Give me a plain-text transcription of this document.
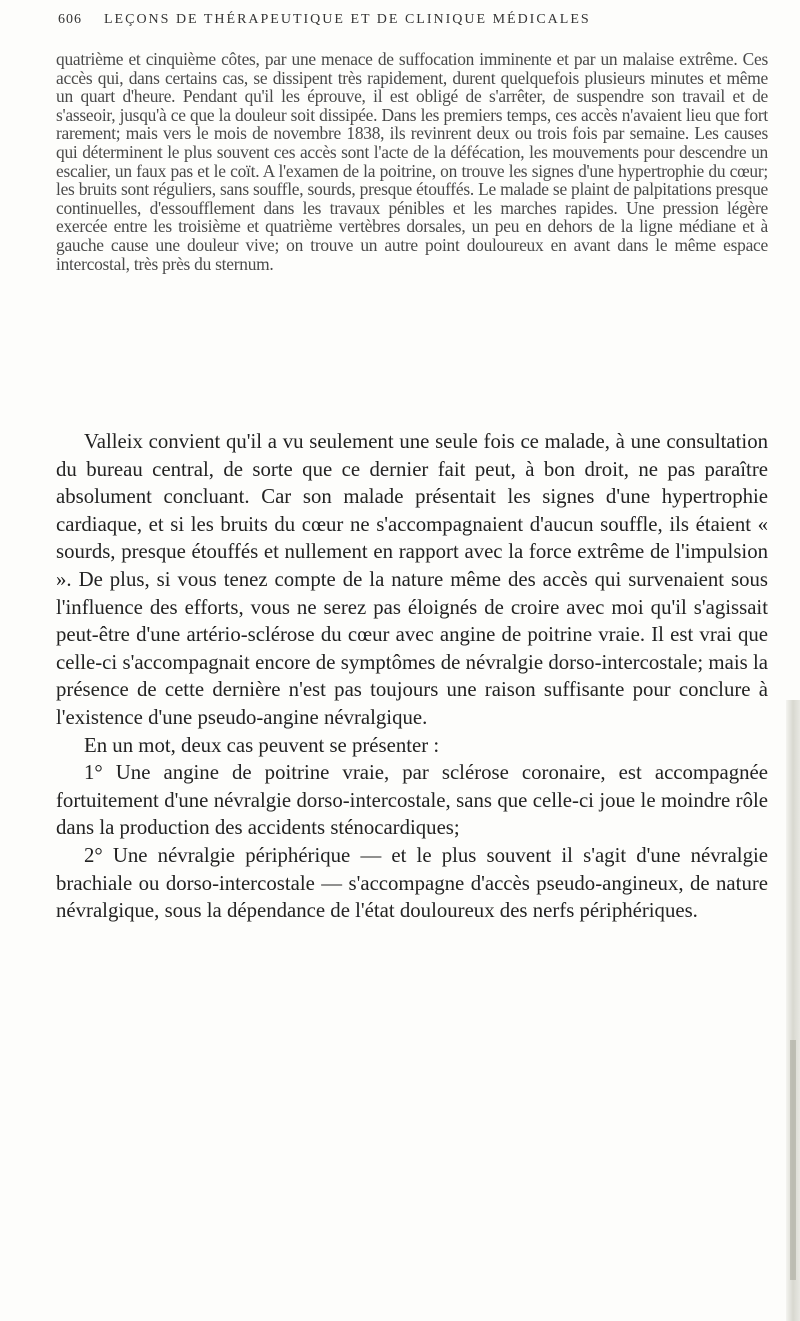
606 LEÇONS DE THÉRAPEUTIQUE ET DE CLINIQUE MÉDICALES

quatrième et cinquième côtes, par une menace de suffocation imminente et par un malaise extrême. Ces accès qui, dans certains cas, se dissipent très rapidement, durent quelquefois plusieurs minutes et même un quart d'heure. Pendant qu'il les éprouve, il est obligé de s'arrêter, de suspendre son travail et de s'asseoir, jusqu'à ce que la douleur soit dissipée. Dans les premiers temps, ces accès n'avaient lieu que fort rarement; mais vers le mois de novembre 1838, ils revinrent deux ou trois fois par semaine. Les causes qui déterminent le plus souvent ces accès sont l'acte de la défécation, les mouvements pour descendre un escalier, un faux pas et le coït. A l'examen de la poitrine, on trouve les signes d'une hypertrophie du cœur; les bruits sont réguliers, sans souffle, sourds, presque étouffés. Le malade se plaint de palpitations presque continuelles, d'essoufflement dans les travaux pénibles et les marches rapides. Une pression légère exercée entre les troisième et quatrième vertèbres dorsales, un peu en dehors de la ligne médiane et à gauche cause une douleur vive; on trouve un autre point douloureux en avant dans le même espace intercostal, très près du sternum.

Valleix convient qu'il a vu seulement une seule fois ce malade, à une consultation du bureau central, de sorte que ce dernier fait peut, à bon droit, ne pas paraître absolument concluant. Car son malade présentait les signes d'une hypertrophie cardiaque, et si les bruits du cœur ne s'accompagnaient d'aucun souffle, ils étaient « sourds, presque étouffés et nullement en rapport avec la force extrême de l'impulsion ». De plus, si vous tenez compte de la nature même des accès qui survenaient sous l'influence des efforts, vous ne serez pas éloignés de croire avec moi qu'il s'agissait peut-être d'une artério-sclérose du cœur avec angine de poitrine vraie. Il est vrai que celle-ci s'accompagnait encore de symptômes de névralgie dorso-intercostale; mais la présence de cette dernière n'est pas toujours une raison suffisante pour conclure à l'existence d'une pseudo-angine névralgique.

En un mot, deux cas peuvent se présenter :

1° Une angine de poitrine vraie, par sclérose coronaire, est accompagnée fortuitement d'une névralgie dorso-intercostale, sans que celle-ci joue le moindre rôle dans la production des accidents sténocardiques;

2° Une névralgie périphérique — et le plus souvent il s'agit d'une névralgie brachiale ou dorso-intercostale — s'accompagne d'accès pseudo-angineux, de nature névralgique, sous la dépendance de l'état douloureux des nerfs périphériques.
